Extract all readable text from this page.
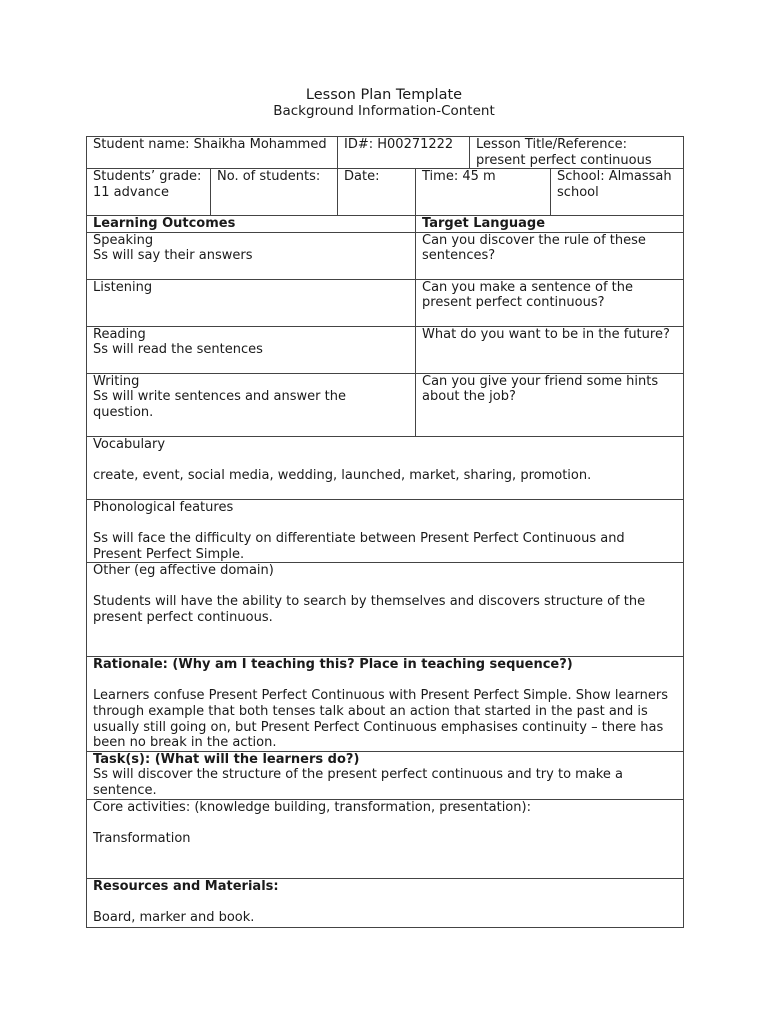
Lesson Plan Template
Background Information-Content
Student name: Shaikha Mohammed		ID#: H00271222		Lesson Title/Reference: present perfect continuous	
Students’ grade: 11 advance	No. of students:	Date:	Time: 45 m		School: Almassah school
Learning Outcomes			Target Language		

Speaking
Ss will say their answers			Can you discover the rule of these sentences?		

Listening			Can you make a sentence of the present perfect continuous?		

Reading
Ss will read the sentences			What do you want to be in the future?		

Writing
Ss will write sentences and answer the question.			Can you give your friend some hints about the job?		

Vocabulary
create, event, social media, wedding, launched, market, sharing, promotion.					

Phonological features
Ss will face the difficulty on differentiate between Present Perfect Continuous and Present Perfect Simple.					

Other (eg affective domain)
Students will have the ability to search by themselves and discovers structure of the present perfect continuous.					

Rationale: (Why am I teaching this? Place in teaching sequence?)
Learners confuse Present Perfect Continuous with Present Perfect Simple. Show learners through example that both tenses talk about an action that started in the past and is usually still going on, but Present Perfect Continuous emphasises continuity – there has been no break in the action.					

Task(s): (What will the learners do?)
Ss will discover the structure of the present perfect continuous and try to make a sentence.					

Core activities: (knowledge building, transformation, presentation):
Transformation					

Resources and Materials:
Board, marker and book.					
